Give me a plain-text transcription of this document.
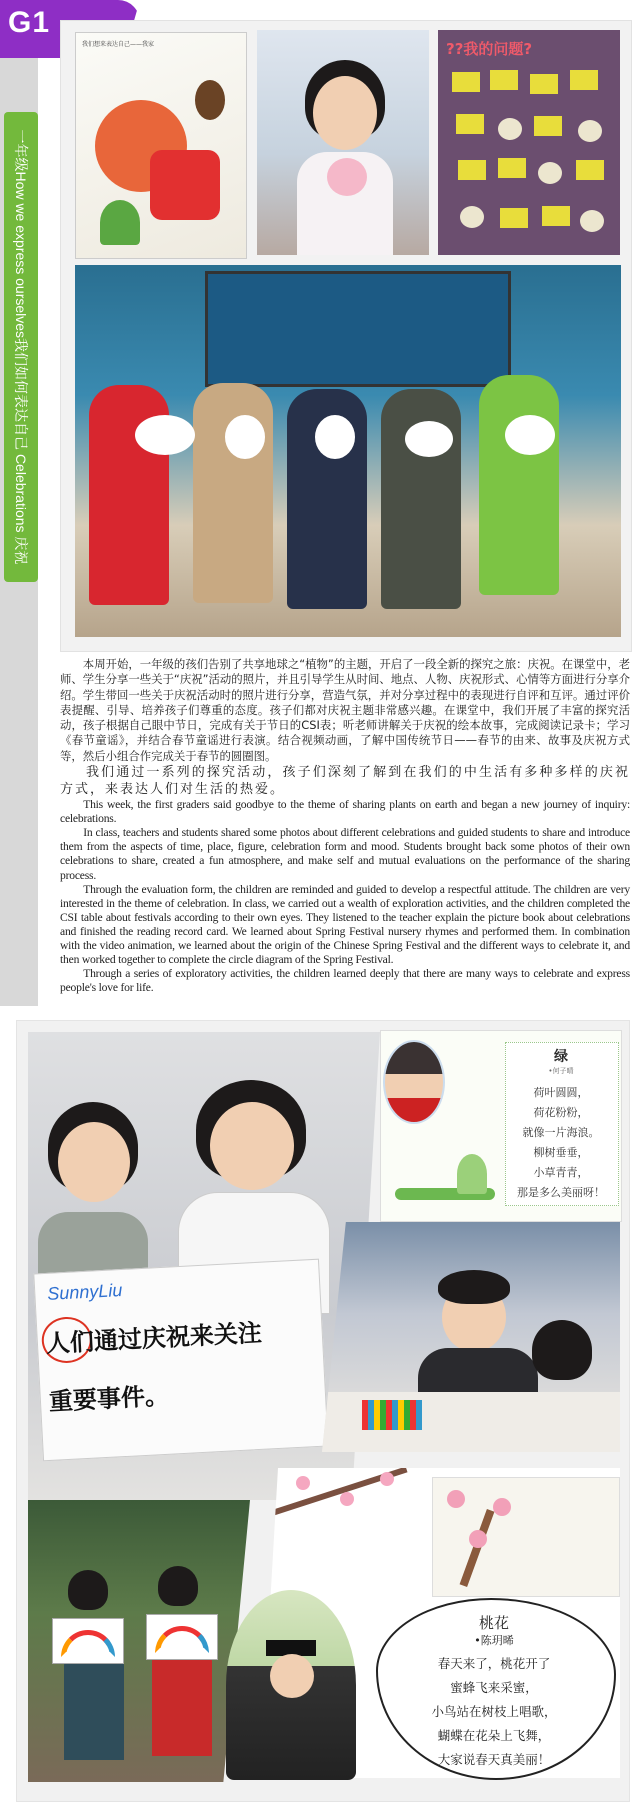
G1
一年级How we express ourselves我们如何表达自己 Celebrations 庆祝
我们想来表达自己——我家	??我的问题?

本周开始，一年级的孩们告别了共享地球之“植物”的主题，开启了一段全新的探究之旅：庆祝。在课堂中，老师、学生分享一些关于“庆祝”活动的照片，并且引导学生从时间、地点、人物、庆祝形式、心情等方面进行分享介绍。学生带回一些关于庆祝活动时的照片进行分享，营造气氛，并对分享过程中的表现进行自评和互评。通过评价表提醒、引导、培养孩子们尊重的态度。孩子们都对庆祝主题非常感兴趣。在课堂中，我们开展了丰富的探究活动，孩子根据自己眼中节日，完成有关于节日的CSI表；听老师讲解关于庆祝的绘本故事，完成阅读记录卡；学习《春节童谣》，并结合春节童谣进行表演。结合视频动画，了解中国传统节日——春节的由来、故事及庆祝方式等，然后小组合作完成关于春节的圆圈图。

我们通过一系列的探究活动，孩子们深刻了解到在我们的中生活有多种多样的庆祝方式，来表达人们对生活的热爱。

This week, the first graders said goodbye to the theme of sharing plants on earth and began a new journey of inquiry: celebrations.

In class, teachers and students shared some photos about different celebrations and guided students to share and introduce them from the aspects of time, place, figure, celebration form and mood. Students brought back some photos of their own celebrations to share, created a fun atmosphere, and make self and mutual evaluations on the performance of the sharing process.

Through the evaluation form, the children are reminded and guided to develop a respectful attitude. The children are very interested in the theme of celebration. In class, we carried out a wealth of exploration activities, and the children completed the CSI table about festivals according to their own eyes. They listened to the teacher explain the picture book about celebrations and finished the reading record card. We learned about Spring Festival nursery rhymes and performed them. In combination with the video animation, we learned about the origin of the Chinese Spring Festival and the different ways to celebrate it, and then worked together to complete the circle diagram of the Spring Festival.

Through a series of exploratory activities, the children learned deeply that there are many ways to celebrate and express people's love for life.

SunnyLiu
人们通过庆祝来关注
重要事件。
绿
•何子晴
荷叶圆圆，
荷花粉粉，
就像一片海浪。
柳树垂垂，
小草青青，
那是多么美丽呀！
桃花
•陈玥晞
春天来了，桃花开了
蜜蜂飞来采蜜，
小鸟站在树枝上唱歌，
蝴蝶在花朵上飞舞，
大家说春天真美丽！
